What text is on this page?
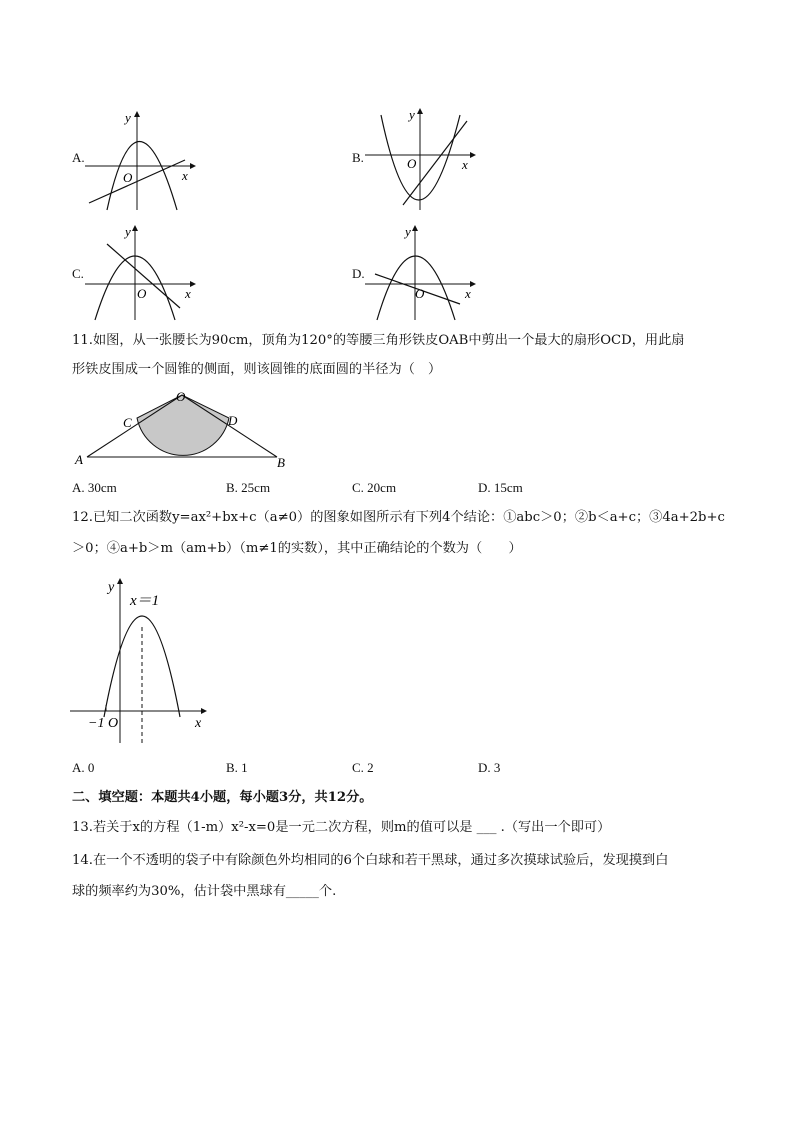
A.
x
y
O
B.	x
y
O
C.
x
y
O
D.
x
y
O
11.如图，从一张腰长为90cm，顶角为120°的等腰三角形铁皮OAB中剪出一个最大的扇形OCD，用此扇
形铁皮围成一个圆锥的侧面，则该圆锥的底面圆的半径为（　）
O
A	B
C	D
A. 30cm	B. 25cm	C. 20cm	D. 15cm
12.已知二次函数y=ax²+bx+c（a≠0）的图象如图所示有下列4个结论：①abc＞0；②b＜a+c；③4a+2b+c
＞0；④a+b＞m（am+b）（m≠1的实数），其中正确结论的个数为（　　）
x＝1
y
x
O
−1
A. 0	B. 1	C. 2	D. 3
二、填空题：本题共4小题，每小题3分，共12分。
13.若关于x的方程（1-m）x²-x=0是一元二次方程，则m的值可以是 ___ .（写出一个即可）
14.在一个不透明的袋子中有除颜色外均相同的6个白球和若干黑球，通过多次摸球试验后，发现摸到白
球的频率约为30%，估计袋中黑球有_____个.
